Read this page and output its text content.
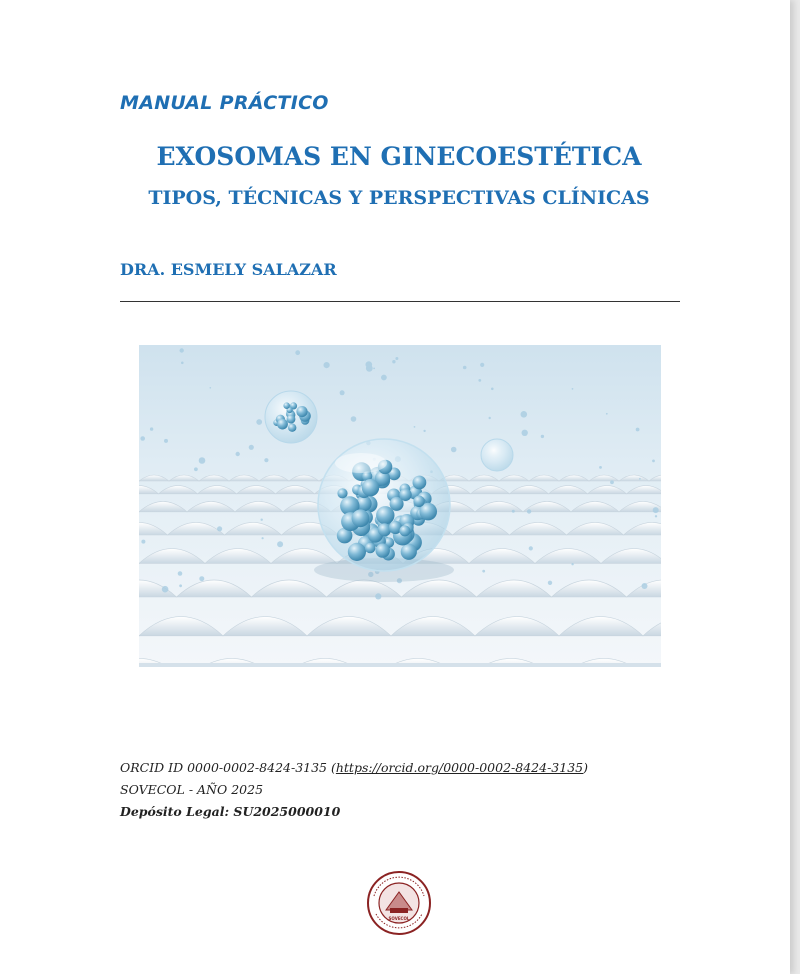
MANUAL PRÁCTICO
EXOSOMAS EN GINECOESTÉTICA
TIPOS, TÉCNICAS Y PERSPECTIVAS CLÍNICAS
DRA. ESMELY SALAZAR
ORCID ID 0000-0002-8424-3135 (https://orcid.org/0000-0002-8424-3135)
SOVECOL - AÑO 2025
Depósito Legal: SU2025000010
SOVECOL
